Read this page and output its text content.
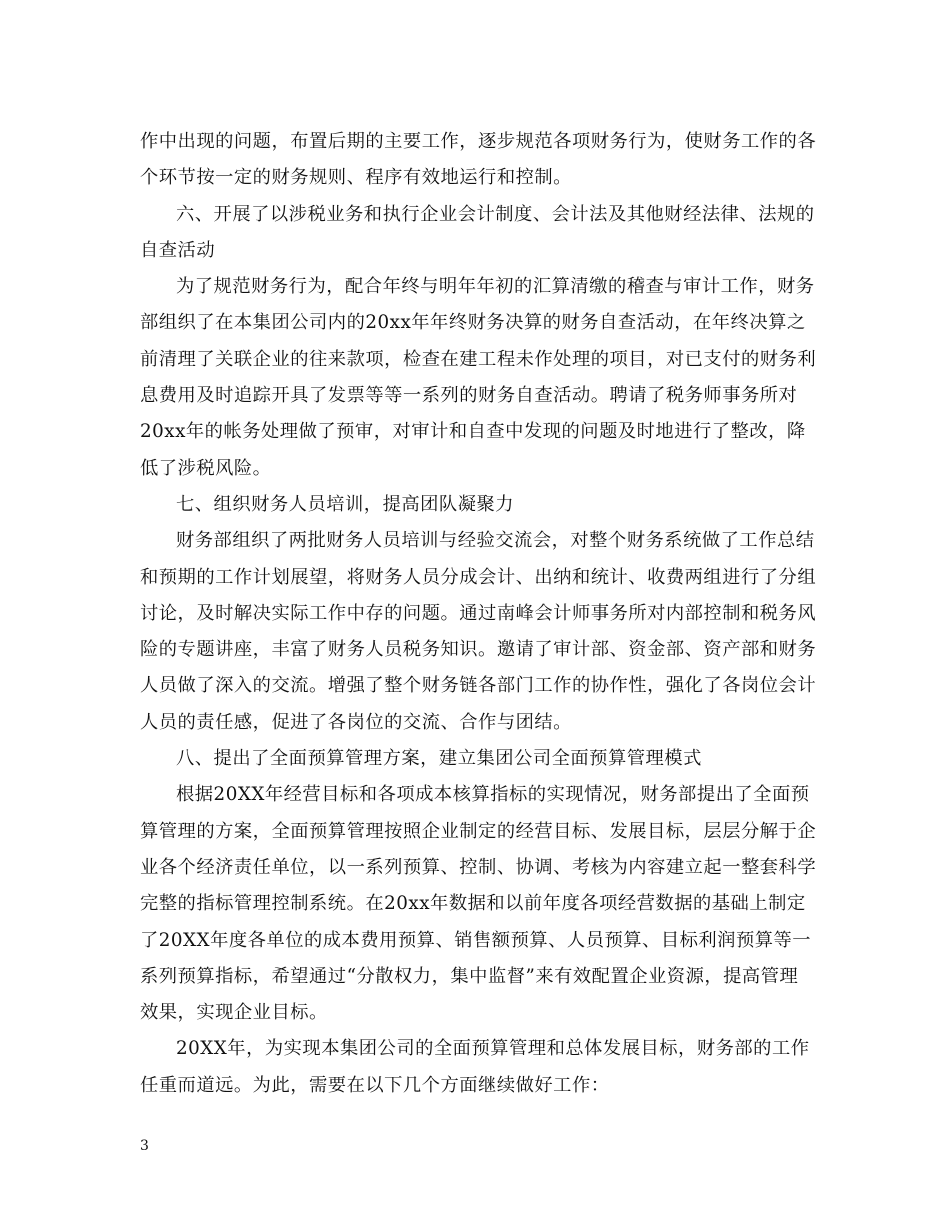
作中出现的问题，布置后期的主要工作，逐步规范各项财务行为，使财务工作的各
个环节按一定的财务规则、程序有效地运行和控制。
六、开展了以涉税业务和执行企业会计制度、会计法及其他财经法律、法规的
自查活动
为了规范财务行为，配合年终与明年年初的汇算清缴的稽查与审计工作，财务
部组织了在本集团公司内的20xx年年终财务决算的财务自查活动，在年终决算之
前清理了关联企业的往来款项，检查在建工程未作处理的项目，对已支付的财务利
息费用及时追踪开具了发票等等一系列的财务自查活动。聘请了税务师事务所对
20xx年的帐务处理做了预审，对审计和自查中发现的问题及时地进行了整改，降
低了涉税风险。
七、组织财务人员培训，提高团队凝聚力
财务部组织了两批财务人员培训与经验交流会，对整个财务系统做了工作总结
和预期的工作计划展望，将财务人员分成会计、出纳和统计、收费两组进行了分组
讨论，及时解决实际工作中存的问题。通过南峰会计师事务所对内部控制和税务风
险的专题讲座，丰富了财务人员税务知识。邀请了审计部、资金部、资产部和财务
人员做了深入的交流。增强了整个财务链各部门工作的协作性，强化了各岗位会计
人员的责任感，促进了各岗位的交流、合作与团结。
八、提出了全面预算管理方案，建立集团公司全面预算管理模式
根据20XX年经营目标和各项成本核算指标的实现情况，财务部提出了全面预
算管理的方案，全面预算管理按照企业制定的经营目标、发展目标，层层分解于企
业各个经济责任单位，以一系列预算、控制、协调、考核为内容建立起一整套科学
完整的指标管理控制系统。在20xx年数据和以前年度各项经营数据的基础上制定
了20XX年度各单位的成本费用预算、销售额预算、人员预算、目标利润预算等一
系列预算指标，希望通过“分散权力，集中监督”来有效配置企业资源，提高管理
效果，实现企业目标。
20XX年，为实现本集团公司的全面预算管理和总体发展目标，财务部的工作
任重而道远。为此，需要在以下几个方面继续做好工作：
3
